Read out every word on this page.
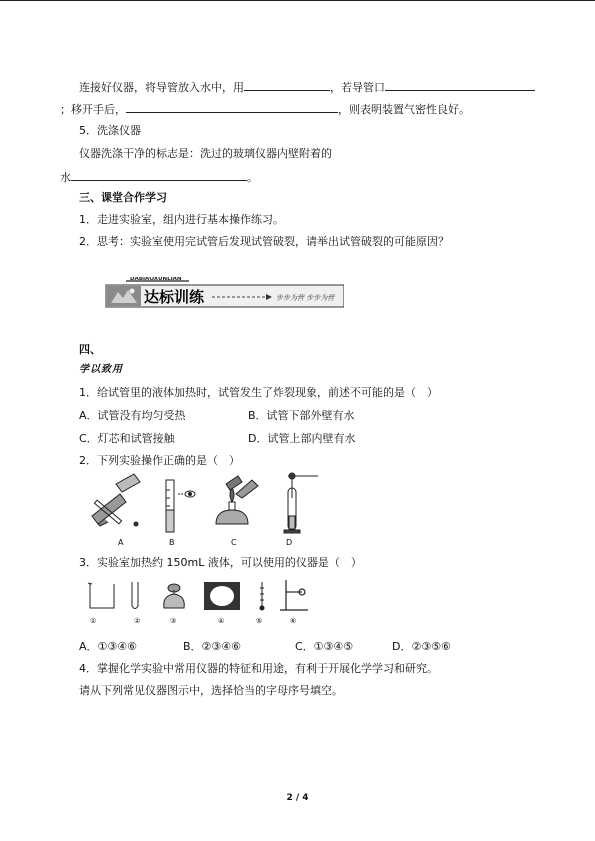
连接好仪器，将导管放入水中，用	，若导管口
；移开手后，	，则表明装置气密性良好。
5．洗涤仪器
仪器洗涤干净的标志是：洗过的玻璃仪器内壁附着的
水	。
三、课堂合作学习
1．走进实验室，组内进行基本操作练习。
2．思考：实验室使用完试管后发现试管破裂，请举出试管破裂的可能原因？
DABIAOXUNLIAN
达标训练	步步为营 步步为营
四、
学以致用
1．给试管里的液体加热时，试管发生了炸裂现象，前述不可能的是（　）
A．试管没有均匀受热	B．试管下部外壁有水
C．灯芯和试管接触	D．试管上部内壁有水
2．下列实验操作正确的是（　）
A	B	C	D
3．实验室加热约 150mL 液体，可以使用的仪器是（　）
①	②	③	④	⑤	⑥
A．①③④⑥	B．②③④⑥	C．①③④⑤	D．②③⑤⑥
4．掌握化学实验中常用仪器的特征和用途，有利于开展化学学习和研究。
请从下列常见仪器图示中，选择恰当的字母序号填空。
2 / 4
